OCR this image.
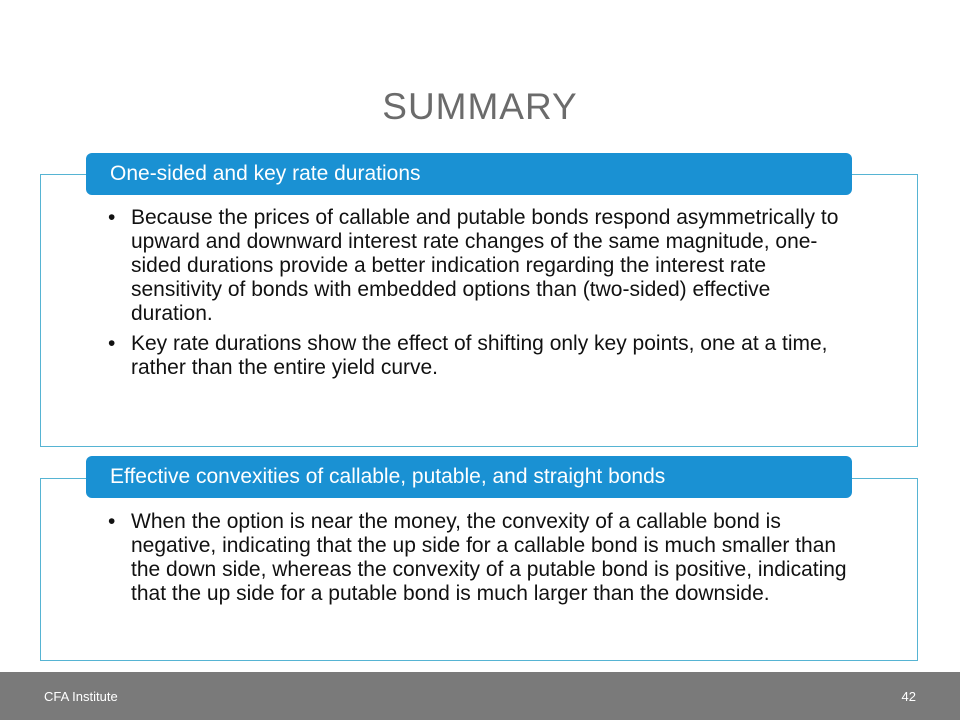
SUMMARY
One-sided and key rate durations
• Because the prices of callable and putable bonds respond asymmetrically to upward and downward interest rate changes of the same magnitude, one-sided durations provide a better indication regarding the interest rate sensitivity of bonds with embedded options than (two-sided) effective duration.
• Key rate durations show the effect of shifting only key points, one at a time, rather than the entire yield curve.
Effective convexities of callable, putable, and straight bonds
• When the option is near the money, the convexity of a callable bond is negative, indicating that the up side for a callable bond is much smaller than the down side, whereas the convexity of a putable bond is positive, indicating that the up side for a putable bond is much larger than the downside.
CFA Institute	42
